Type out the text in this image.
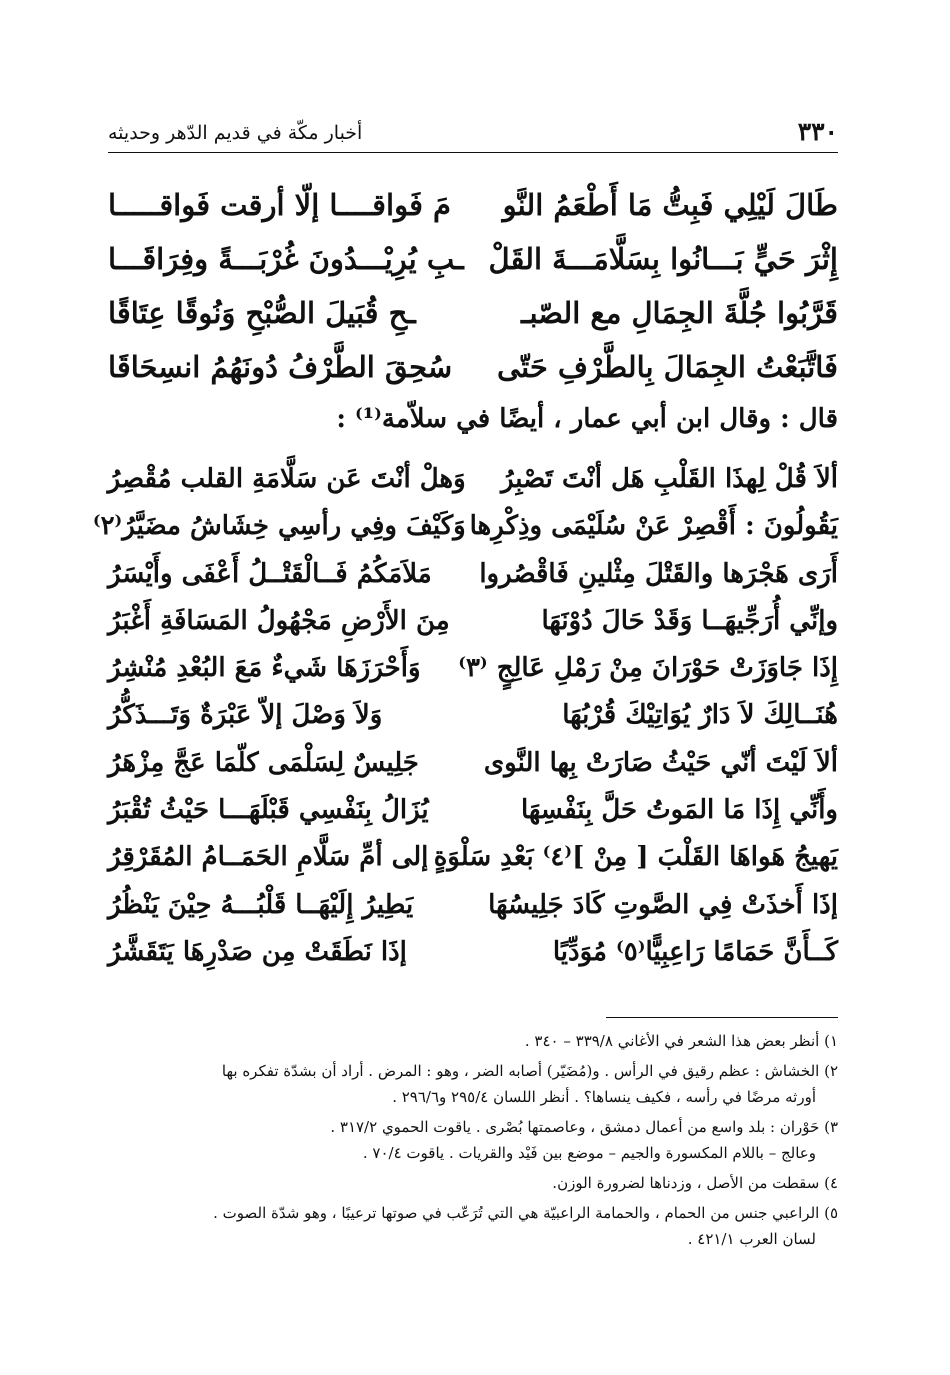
٣٣٠
أخبار مكّة في قديم الدّهر وحديثه
طَالَ لَيْلِي فَبِتُّ مَا أَطْعَمُ النَّو
مَ فَواقــــا إلّا أرقت فَواقـــــا
إِثْرَ حَيٍّ بَـــانُوا بِسَلَّامَـــةَ القَلْ
ـبِ يُرِيْـــدُونَ غُرْبَـــةً وفِرَاقَـــا
قَرَّبُوا جُلَّةَ الجِمَالِ مع الصّبـ
ـحِ قُبَيلَ الصُّبْحِ وَنُوقًا عِتَاقًا
فَاتَّبَعْتُ الجِمَالَ بِالطَّرْفِ حَتّى
سُحِقَ الطَّرْفُ دُونَهُمُ انسِحَاقَا
قال : وقال ابن أبي عمار ، أيضًا في سلاّمة⁽¹⁾ :
ألاَ قُلْ لِهذَا القَلْبِ هَل أنْتَ تَصْبِرُ
وَهلْ أنْتَ عَن سَلَّامَةِ القلب مُقْصِرُ
يَقُولُونَ : أَقْصِرْ عَنْ سُلَيْمَى وذِكْرِها
وَكَيْفَ وفِي رأسِي خِشَاشُ مضَيَّرُ⁽٢⁾
أَرَى هَجْرَها والقَتْلَ مِثْلينِ فَاقْصُروا
مَلاَمَكُمُ فَــالْقَتْــلُ أَعْفَى وأَيْسَرُ
وإنِّي أُرَجِّيهَــا وَقَدْ حَالَ دُوْنَهَا
مِنَ الأَرْضِ مَجْهُولُ المَسَافَةِ أَغْبَرُ
إِذَا جَاوَزَتْ حَوْرَانَ مِنْ رَمْلِ عَالِجٍ ⁽٣⁾
وَأَحْرَزَهَا شَيءٌ مَعَ البُعْدِ مُنْشِرُ
هُنَــالِكَ لاَ دَارٌ يُوَاتِيْكَ قُرْبُهَا
وَلاَ وَصْلَ إلاّ عَبْرَةٌ وَتَـــذَكُّرُ
ألاَ لَيْتَ أنّي حَيْثُ صَارَتْ بِها النَّوى
جَلِيسٌ لِسَلْمَى كلّمَا عَجَّ مِزْهَرُ
وأَنِّي إِذَا مَا المَوتُ حَلَّ بِنَفْسِهَا
يُزَالُ بِنَفْسِي قَبْلَهَـــا حَيْثُ تُقْبَرُ
يَهيجُ هَواهَا القَلْبَ [ مِنْ ]⁽٤⁾ بَعْدِ سَلْوَةٍ
إلى أمِّ سَلَّامِ الحَمَــامُ المُقَرْقِرُ
إذَا أَخذَتْ فِي الصَّوتِ كَادَ جَلِيسُهَا
يَطِيرُ إِلَيْهَــا قَلْبُـــهُ حِيْنَ يَنْظُرُ
كَــأَنَّ حَمَامًا رَاعِبِيًّا⁽٥⁾ مُوَدِّيًا
إذَا نَطَقَتْ مِن صَدْرِهَا يَتَقَشَّرُ
١) أنظر بعض هذا الشعر في الأغاني ٣٣٩/٨ – ٣٤٠ .
٢) الخشاش : عظم رقيق في الرأس . و(مُضَيّر) أصابه الضر ، وهو : المرض . أراد أن بشدّة تفكره بها
أورثه مرضًا في رأسه ، فكيف ينساها؟ . أنظر اللسان ٢٩٥/٤ و٢٩٦/٦ .
٣) حَوْران : بلد واسع من أعمال دمشق ، وعاصمتها بُصْرى . ياقوت الحموي ٣١٧/٢ .
وعالج – باللام المكسورة والجيم – موضع بين فَيْد والقريات . ياقوت ٧٠/٤ .
٤) سقطت من الأصل ، وزدناها لضرورة الوزن.
٥) الراعبي جنس من الحمام ، والحمامة الراعبيّة هي التي تُرَعّب في صوتها ترعيبًا ، وهو شدّة الصوت .
لسان العرب ٤٢١/١ .
